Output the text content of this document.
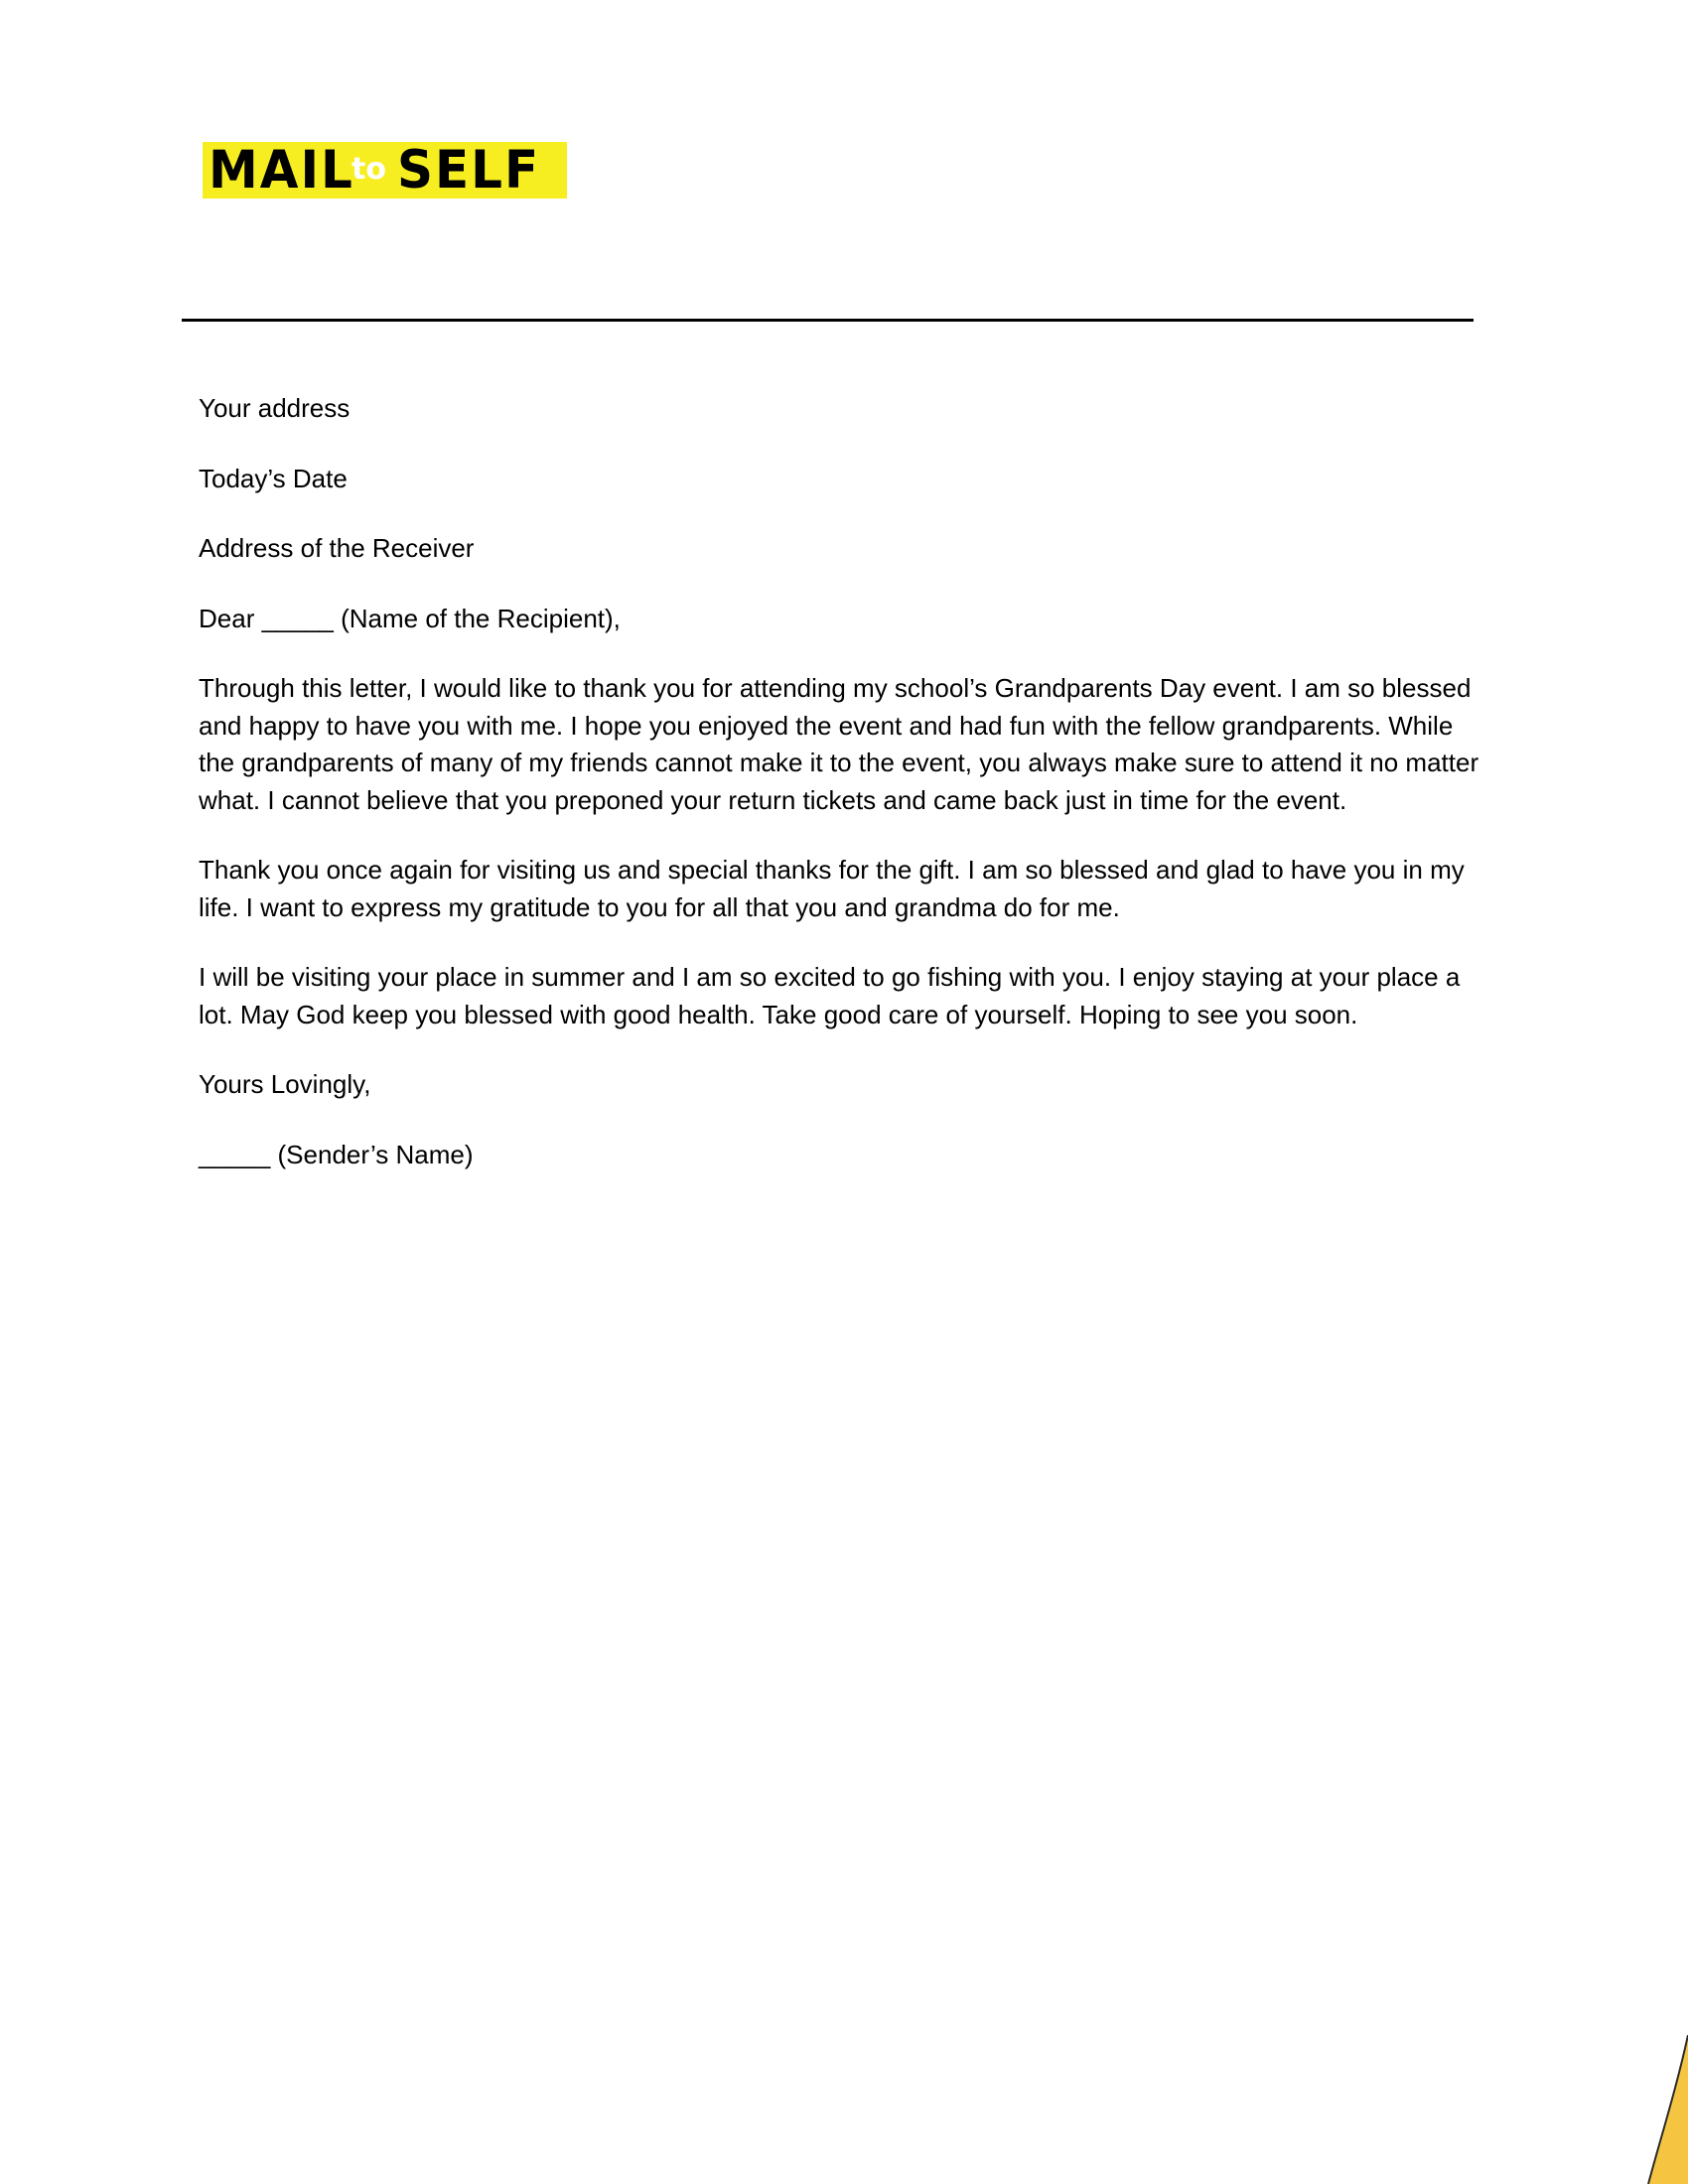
MAIL
to SELF

Your address

Today’s Date

Address of the Receiver

Dear _____ (Name of the Recipient),

Through this letter, I would like to thank you for attending my school’s Grandparents Day event. I am so blessed and happy to have you with me. I hope you enjoyed the event and had fun with the fellow grandparents. While the grandparents of many of my friends cannot make it to the event, you always make sure to attend it no matter what. I cannot believe that you preponed your return tickets and came back just in time for the event.

Thank you once again for visiting us and special thanks for the gift. I am so blessed and glad to have you in my life. I want to express my gratitude to you for all that you and grandma do for me.

I will be visiting your place in summer and I am so excited to go fishing with you. I enjoy staying at your place a lot. May God keep you blessed with good health. Take good care of yourself. Hoping to see you soon.

Yours Lovingly,

_____ (Sender’s Name)
